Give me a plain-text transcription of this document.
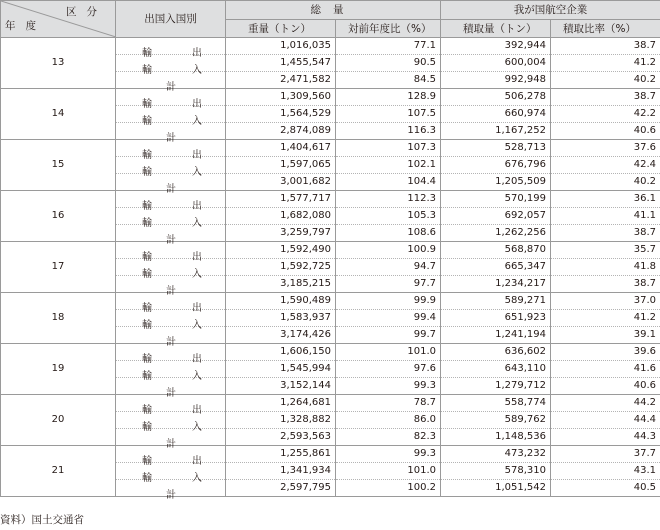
区分
年度	出国入国別	総量		我が国航空企業	
		重量（トン）	対前年度比（%）	積取量（トン）	積取比率（%）
13	輸 出	1,016,035	77.1	392,944	38.7

	輸 入	1,455,547	90.5	600,004	41.2

	計	2,471,582	84.5	992,948	40.2
14	輸 出	1,309,560	128.9	506,278	38.7

	輸 入	1,564,529	107.5	660,974	42.2

	計	2,874,089	116.3	1,167,252	40.6
15	輸 出	1,404,617	107.3	528,713	37.6

	輸 入	1,597,065	102.1	676,796	42.4

	計	3,001,682	104.4	1,205,509	40.2
16	輸 出	1,577,717	112.3	570,199	36.1

	輸 入	1,682,080	105.3	692,057	41.1

	計	3,259,797	108.6	1,262,256	38.7
17	輸 出	1,592,490	100.9	568,870	35.7

	輸 入	1,592,725	94.7	665,347	41.8

	計	3,185,215	97.7	1,234,217	38.7
18	輸 出	1,590,489	99.9	589,271	37.0

	輸 入	1,583,937	99.4	651,923	41.2

	計	3,174,426	99.7	1,241,194	39.1
19	輸 出	1,606,150	101.0	636,602	39.6

	輸 入	1,545,994	97.6	643,110	41.6

	計	3,152,144	99.3	1,279,712	40.6
20	輸 出	1,264,681	78.7	558,774	44.2

	輸 入	1,328,882	86.0	589,762	44.4

	計	2,593,563	82.3	1,148,536	44.3
21	輸 出	1,255,861	99.3	473,232	37.7

	輸 入	1,341,934	101.0	578,310	43.1

	計	2,597,795	100.2	1,051,542	40.5
資料）国土交通省
